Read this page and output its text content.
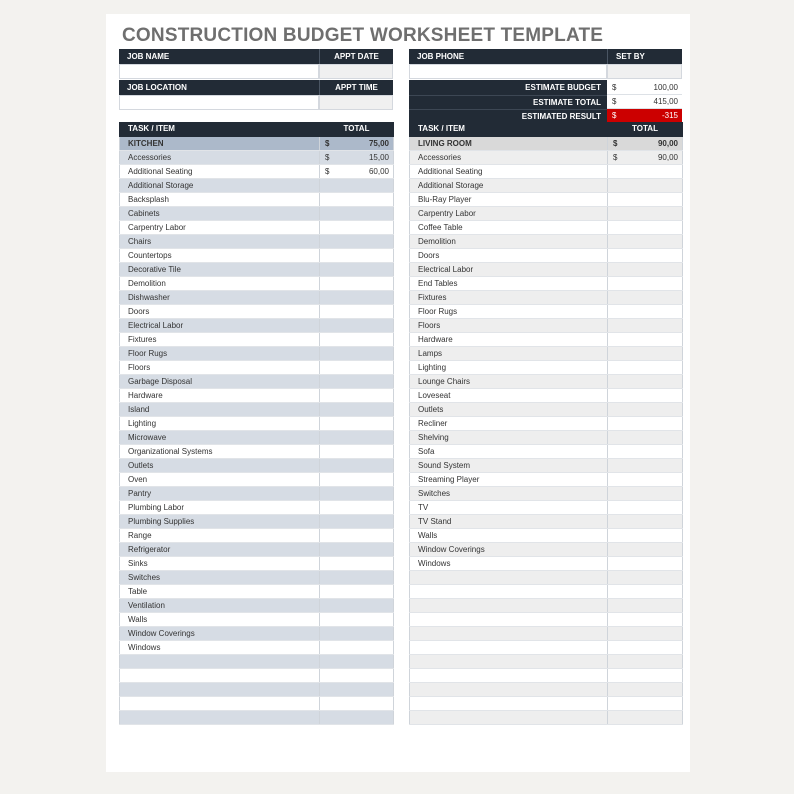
CONSTRUCTION BUDGET WORKSHEET TEMPLATE
JOB NAME	APPT DATE	JOB PHONE	SET BY
JOB LOCATION	APPT TIME	ESTIMATE BUDGET	$	100,00
ESTIMATE TOTAL	$	415,00
ESTIMATED RESULT	$	-315
TASK / ITEM	TOTAL
KITCHEN	$ 75,00

Accessories	$ 15,00

Additional Seating	$ 60,00

Additional Storage	
Backsplash	
Cabinets	
Carpentry Labor	
Chairs	
Countertops	
Decorative Tile	
Demolition	
Dishwasher	
Doors	
Electrical Labor	
Fixtures	
Floor Rugs	
Floors	
Garbage Disposal	
Hardware	
Island	
Lighting	
Microwave	
Organizational Systems	
Outlets	
Oven	
Pantry	
Plumbing Labor	
Plumbing Supplies	
Range	
Refrigerator	
Sinks	
Switches	
Table	
Ventilation	
Walls	
Window Coverings	
Windows	

TASK / ITEM	TOTAL
LIVING ROOM	$ 90,00

Accessories	$ 90,00

Additional Seating	
Additional Storage	
Blu-Ray Player	
Carpentry Labor	
Coffee Table	
Demolition	
Doors	
Electrical Labor	
End Tables	
Fixtures	
Floor Rugs	
Floors	
Hardware	
Lamps	
Lighting	
Lounge Chairs	
Loveseat	
Outlets	
Recliner	
Shelving	
Sofa	
Sound System	
Streaming Player	
Switches	
TV	
TV Stand	
Walls	
Window Coverings	
Windows	
